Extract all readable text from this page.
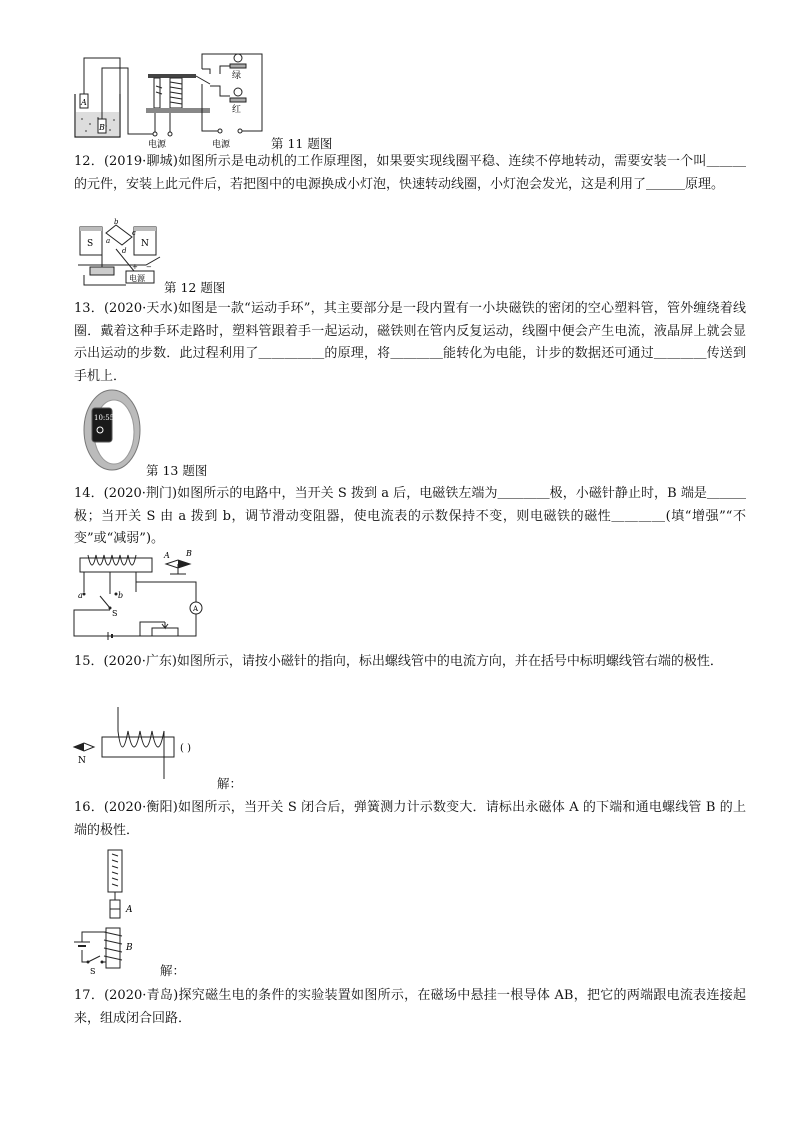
A
B
电源	电源
绿
红
第 11 题图
12．(2019·聊城)如图所示是电动机的工作原理图，如果要实现线圈平稳、连续不停地转动，需要安装一个叫＿＿＿的元件，安装上此元件后，若把图中的电源换成小灯泡，快速转动线圈，小灯泡会发光，这是利用了＿＿＿原理。
S	N
b
c
a
d
+ −
电源
第 12 题图
13．(2020·天水)如图是一款“运动手环”，其主要部分是一段内置有一小块磁铁的密闭的空心塑料管，管外缠绕着线圈．戴着这种手环走路时，塑料管跟着手一起运动，磁铁则在管内反复运动，线圈中便会产生电流，液晶屏上就会显示出运动的步数．此过程利用了＿＿＿＿＿的原理，将＿＿＿＿能转化为电能，计步的数据还可通过＿＿＿＿传送到手机上．
10:55
第 13 题图
14．(2020·荆门)如图所示的电路中，当开关 S 拨到 a 后，电磁铁左端为＿＿＿＿极，小磁针静止时，B 端是＿＿＿极；当开关 S 由 a 拨到 b，调节滑动变阻器，使电流表的示数保持不变，则电磁铁的磁性＿＿＿＿(填“增强”“不变”或“减弱”)。
A B
a	b
S	A
15．(2020·广东)如图所示，请按小磁针的指向，标出螺线管中的电流方向，并在括号中标明螺线管右端的极性．
N
( )
解：
16．(2020·衡阳)如图所示，当开关 S 闭合后，弹簧测力计示数变大．请标出永磁体 A 的下端和通电螺线管 B 的上端的极性．
A
B
S	解：
17．(2020·青岛)探究磁生电的条件的实验装置如图所示，在磁场中悬挂一根导体 AB，把它的两端跟电流表连接起来，组成闭合回路．
